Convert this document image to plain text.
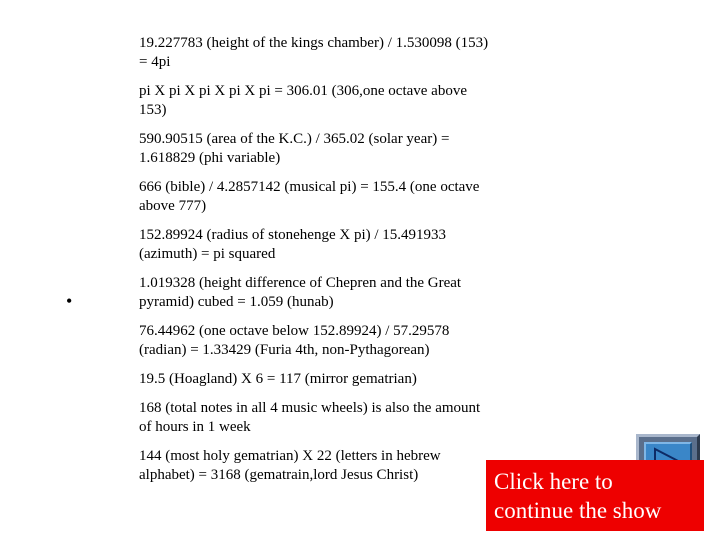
•

19.227783 (height of the kings chamber) / 1.530098 (153) = 4pi

pi X pi X pi X pi X pi = 306.01 (306,one octave above 153)

590.90515 (area of the K.C.) / 365.02 (solar year) = 1.618829 (phi variable)

666 (bible) / 4.2857142 (musical pi) = 155.4 (one octave above 777)

152.89924 (radius of stonehenge X pi) / 15.491933 (azimuth) = pi squared

1.019328 (height difference of Chepren and the Great pyramid) cubed = 1.059 (hunab)

76.44962 (one octave below 152.89924) / 57.29578 (radian) = 1.33429 (Furia 4th, non-Pythagorean)

19.5 (Hoagland) X 6 = 117 (mirror gematrian)

168 (total notes in all 4 music wheels) is also the amount of hours in 1 week

144 (most holy gematrian) X 22 (letters in hebrew alphabet) = 3168 (gematrain,lord Jesus Christ)	Click here to
continue the show
